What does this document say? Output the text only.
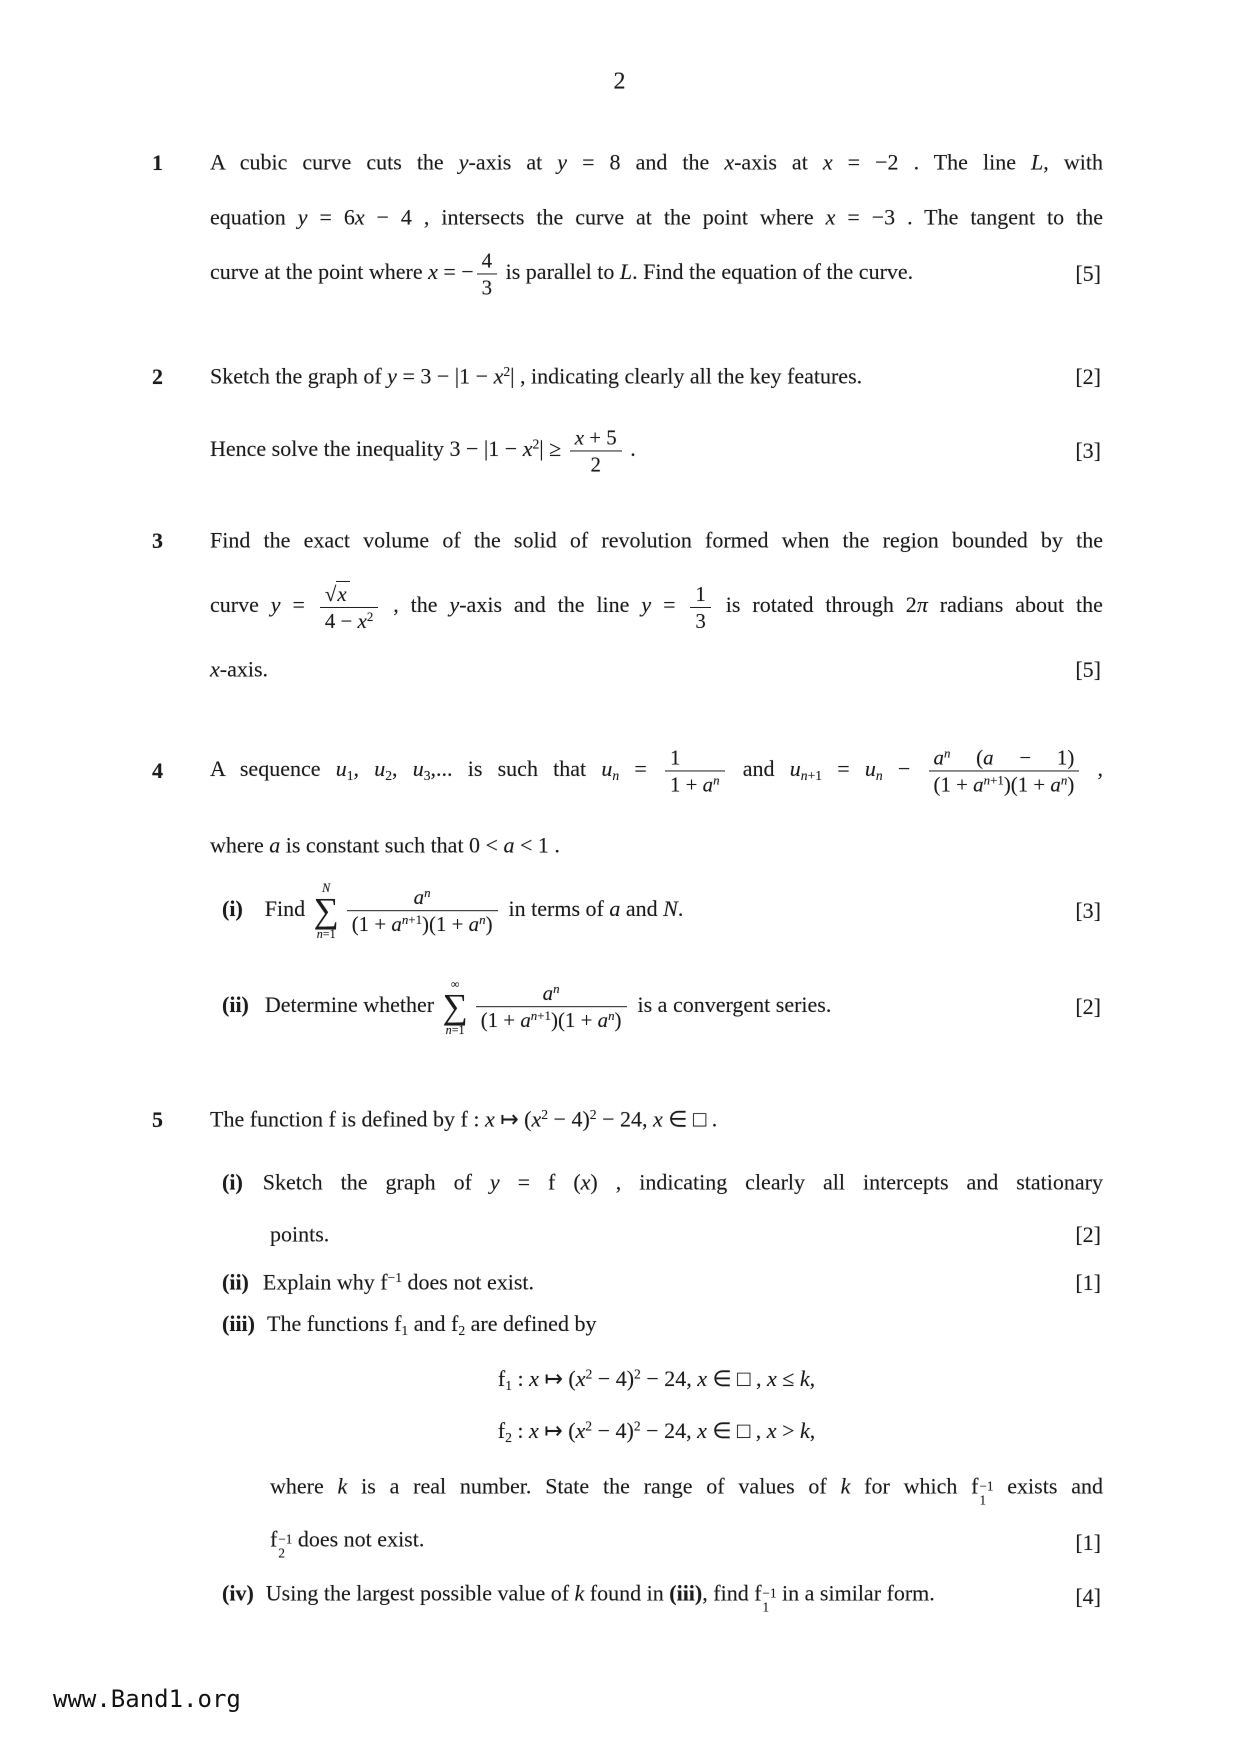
2
1 A cubic curve cuts the y-axis at y = 8 and the x-axis at x = −2 . The line L, with
equation y = 6x − 4 , intersects the curve at the point where x = −3 . The tangent to the
curve at the point where x = − $\frac{4}{3}$ is parallel to L. Find the equation of the curve.	[5]
2 Sketch the graph of $y = 3 - |1 - x^2|$ , indicating clearly all the key features.	[2]
Hence solve the inequality $3 - |1 - x^2| \ge \frac{x + 5}{2}$ .	[3]
3 Find the exact volume of the solid of revolution formed when the region bounded by the
curve $y = \frac{√x}{4 - x^2}$ , the y-axis and the line $y = \frac{1}{3}$ is rotated through 2π radians about the
x-axis.	[5]
4 A sequence u1, u2, u3,... is such that un = $\frac{1}{1 + a^n}$ and un+1 = un − $\frac{a^n (a - 1)}{(1 + a^{n+1})(1 + a^n)}$ ,
where a is constant such that 0 < a < 1 .
(i) Find
N
∑
$n=1 \frac{a^n}{(1 + a^{n+1})(1 + a^n)}$ in terms of a and N.	[3]
(ii) Determine whether
∞
∑
$n=1 \frac{a^n}{(1 + a^{n+1})(1 + a^n)}$ is a convergent series.	[2]
5 The function f is defined by f : x ↦ $(x^2 - 4)^2 - 24$, x ∈ □ .
(i) Sketch the graph of y = f (x) , indicating clearly all intercepts and stationary
points.	[2]
(ii) Explain why $f^{-1}$ does not exist.	[1]
(iii) The functions f1 and f2 are defined by
f1 : x ↦ $(x^2 - 4)^2 - 24$, x ∈ □ , x ≤ k,
f2 : x ↦ $(x^2 - 4)^2 - 24$, x ∈ □ , x > k,
where k is a real number. State the range of values of k for which f −1
1
exists and
f −1
2
does not exist.	[1]
(iv) Using the largest possible value of k found in (iii), find f −1
1
in a similar form.	[4]
www.Band1.org
